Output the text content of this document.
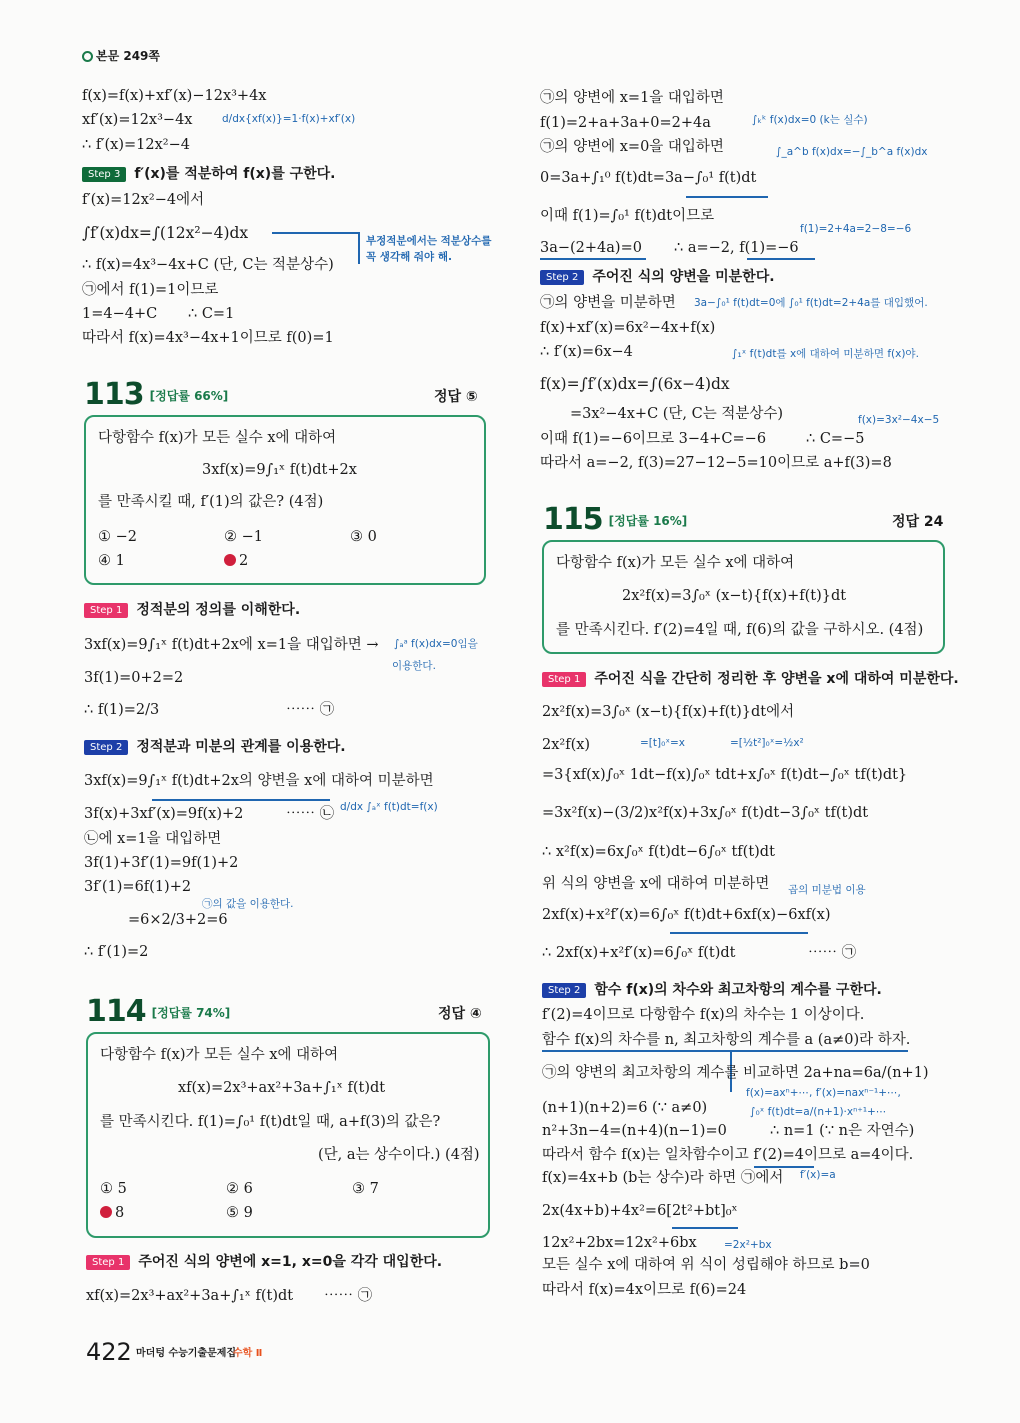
본문 249쪽
f(x)=f(x)+xf′(x)−12x³+4x
xf′(x)=12x³−4x	d/dx{xf(x)}=1·f(x)+xf′(x)
∴ f′(x)=12x²−4
Step 3 f′(x)를 적분하여 f(x)를 구한다.
f′(x)=12x²−4에서
∫f′(x)dx=∫(12x²−4)dx
∴ f(x)=4x³−4x+C (단, C는 적분상수)
부정적분에서는 적분상수를
꼭 생각해 줘야 해.
㉠에서 f(1)=1이므로
1=4−4+C ∴ C=1
따라서 f(x)=4x³−4x+1이므로 f(0)=1
113 [정답률 66%]	정답 ⑤
다항함수 f(x)가 모든 실수 x에 대하여
3xf(x)=9∫₁ˣ f(t)dt+2x
를 만족시킬 때, f′(1)의 값은? (4점)
① −2	② −1	③ 0
④ 1	2
Step 1 정적분의 정의를 이해한다.
3xf(x)=9∫₁ˣ f(t)dt+2x에 x=1을 대입하면 → ∫ₐᵃ f(x)dx=0임을
이용한다.
3f(1)=0+2=2
∴ f(1)=2/3	⋯⋯ ㉠
Step 2 정적분과 미분의 관계를 이용한다.
3xf(x)=9∫₁ˣ f(t)dt+2x의 양변을 x에 대하여 미분하면
3f(x)+3xf′(x)=9f(x)+2	⋯⋯ ㉡ d/dx ∫ₐˣ f(t)dt=f(x)
㉡에 x=1을 대입하면
3f(1)+3f′(1)=9f(1)+2
3f′(1)=6f(1)+2
㉠의 값을 이용한다.
=6×2/3+2=6
∴ f′(1)=2
114 [정답률 74%]	정답 ④
다항함수 f(x)가 모든 실수 x에 대하여
xf(x)=2x³+ax²+3a+∫₁ˣ f(t)dt
를 만족시킨다. f(1)=∫₀¹ f(t)dt일 때, a+f(3)의 값은?
(단, a는 상수이다.) (4점)
① 5	② 6	③ 7
8	⑤ 9
Step 1 주어진 식의 양변에 x=1, x=0을 각각 대입한다.
xf(x)=2x³+ax²+3a+∫₁ˣ f(t)dt ⋯⋯ ㉠
422 마더텅 수능기출문제집
수학 Ⅱ
㉠의 양변에 x=1을 대입하면
f(1)=2+a+3a+0=2+4a	∫ₖᵏ f(x)dx=0 (k는 실수)
㉠의 양변에 x=0을 대입하면	∫_a^b f(x)dx=−∫_b^a f(x)dx
0=3a+∫₁⁰ f(t)dt=3a−∫₀¹ f(t)dt
이때 f(1)=∫₀¹ f(t)dt이므로
3a−(2+4a)=0 ∴ a=−2, f(1)=−6
f(1)=2+4a=2−8=−6
Step 2 주어진 식의 양변을 미분한다.
㉠의 양변을 미분하면 3a−∫₀¹ f(t)dt=0에 ∫₀¹ f(t)dt=2+4a를 대입했어.
f(x)+xf′(x)=6x²−4x+f(x)
∴ f′(x)=6x−4	∫₁ˣ f(t)dt를 x에 대하여 미분하면 f(x)야.
f(x)=∫f′(x)dx=∫(6x−4)dx
=3x²−4x+C (단, C는 적분상수)	f(x)=3x²−4x−5
이때 f(1)=−6이므로 3−4+C=−6	∴ C=−5
따라서 a=−2, f(3)=27−12−5=10이므로 a+f(3)=8
115 [정답률 16%]	정답 24
다항함수 f(x)가 모든 실수 x에 대하여
2x²f(x)=3∫₀ˣ (x−t){f(x)+f(t)}dt
를 만족시킨다. f′(2)=4일 때, f(6)의 값을 구하시오. (4점)
Step 1 주어진 식을 간단히 정리한 후 양변을 x에 대하여 미분한다.
2x²f(x)=3∫₀ˣ (x−t){f(x)+f(t)}dt에서
2x²f(x)	=[t]₀ˣ=x	=[½t²]₀ˣ=½x²
=3{xf(x)∫₀ˣ 1dt−f(x)∫₀ˣ tdt+x∫₀ˣ f(t)dt−∫₀ˣ tf(t)dt}
=3x²f(x)−(3/2)x²f(x)+3x∫₀ˣ f(t)dt−3∫₀ˣ tf(t)dt
∴ x²f(x)=6x∫₀ˣ f(t)dt−6∫₀ˣ tf(t)dt
위 식의 양변을 x에 대하여 미분하면 곱의 미분법 이용
2xf(x)+x²f′(x)=6∫₀ˣ f(t)dt+6xf(x)−6xf(x)
∴ 2xf(x)+x²f′(x)=6∫₀ˣ f(t)dt	⋯⋯ ㉠
Step 2 함수 f(x)의 차수와 최고차항의 계수를 구한다.
f′(2)=4이므로 다항함수 f(x)의 차수는 1 이상이다.
함수 f(x)의 차수를 n, 최고차항의 계수를 a (a≠0)라 하자.
㉠의 양변의 최고차항의 계수를 비교하면 2a+na=6a/(n+1)
f(x)=axⁿ+⋯, f′(x)=naxⁿ⁻¹+⋯,
∫₀ˣ f(t)dt=a/(n+1)·xⁿ⁺¹+⋯
(n+1)(n+2)=6 (∵ a≠0)
n²+3n−4=(n+4)(n−1)=0	∴ n=1 (∵ n은 자연수)
따라서 함수 f(x)는 일차함수이고 f′(2)=4이므로 a=4이다.
f(x)=4x+b (b는 상수)라 하면 ㉠에서 f′(x)=a
2x(4x+b)+4x²=6[2t²+bt]₀ˣ
12x²+2bx=12x²+6bx	=2x²+bx
모든 실수 x에 대하여 위 식이 성립해야 하므로 b=0
따라서 f(x)=4x이므로 f(6)=24
